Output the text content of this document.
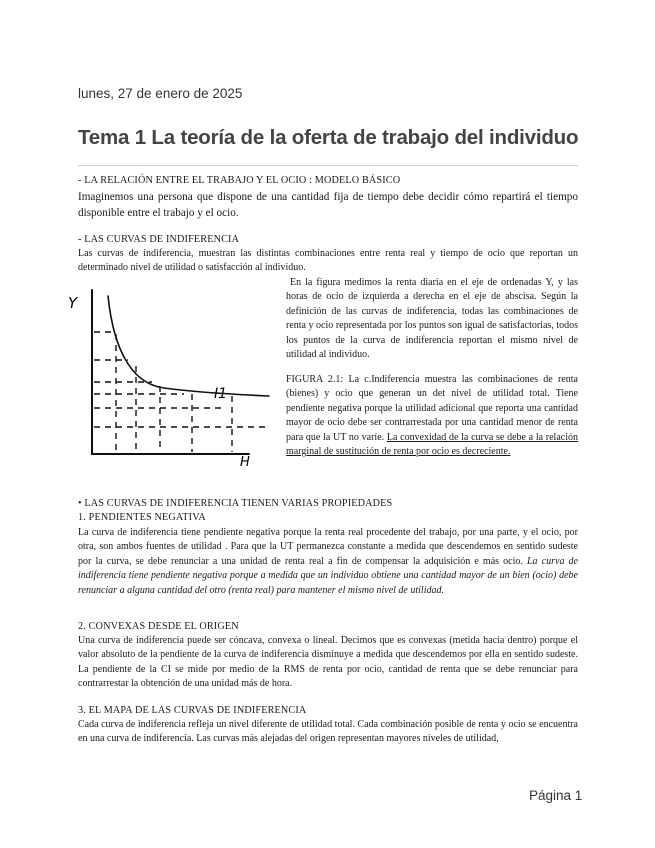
lunes, 27 de enero de 2025
Tema 1 La teoría de la oferta de trabajo del individuo
- LA RELACIÓN ENTRE EL TRABAJO Y EL OCIO : MODELO BÁSICO

Imaginemos una persona que dispone de una cantidad fija de tiempo debe decidir cómo repartirá el tiempo disponible entre el trabajo y el ocio.

- LAS CURVAS DE INDIFERENCIA

Las curvas de indiferencia, muestran las distintas combinaciones entre renta real y tiempo de ocio que reportan un determinado nivel de utilidad o satisfacción al individuo.

Y
I1
H

En la figura medimos la renta diaria en el eje de ordenadas Y, y las horas de ocio de izquierda a derecha en el eje de abscisa. Según la definición de las curvas de indiferencia, todas las combinaciones de renta y ocio representada por los puntos son igual de satisfactorias, todos los puntos de la curva de indiferencia reportan el mismo nivel de utilidad al individuo.

FIGURA 2.1: La c.Indiferencia muestra las combinaciones de renta (bienes) y ocio que generan un det nivel de utilidad total. Tiene pendiente negativa porque la utilidad adicional que reporta una cantidad mayor de ocio debe ser contrarrestada por una cantidad menor de renta para que la UT no varíe. La convexidad de la curva se debe a la relación marginal de sustitución de renta por ocio es decreciente.

• LAS CURVAS DE INDIFERENCIA TIENEN VARIAS PROPIEDADES
1. PENDIENTES NEGATIVA

La curva de indiferencia tiene pendiente negativa porque la renta real procedente del trabajo, por una parte, y el ocio, por otra, son ambos fuentes de utilidad . Para que la UT permanezca constante a medida que descendemos en sentido sudeste por la curva, se debe renunciar a una unidad de renta real a fin de compensar la adquisición e más ocio. La curva de indiferencia tiene pendiente negativa porque a medida que un individuo obtiene una cantidad mayor de un bien (ocio) debe renunciar a alguna cantidad del otro (renta real) para mantener el mismo nivel de utilidad.

2. CONVEXAS DESDE EL ORIGEN

Una curva de indiferencia puede ser cóncava, convexa o lineal. Decimos que es convexas (metida hacia dentro) porque el valor absoluto de la pendiente de la curva de indiferencia disminuye a medida que descendemos por ella en sentido sudeste. La pendiente de la CI se mide por medio de la RMS de renta por ocio, cantidad de renta que se debe renunciar para contrarrestar la obtención de una unidad más de hora.

3. EL MAPA DE LAS CURVAS DE INDIFERENCIA

Cada curva de indiferencia refleja un nivel diferente de utilidad total. Cada combinación posible de renta y ocio se encuentra en una curva de indiferencia. Las curvas más alejadas del origen representan mayores niveles de utilidad,

Página 1
